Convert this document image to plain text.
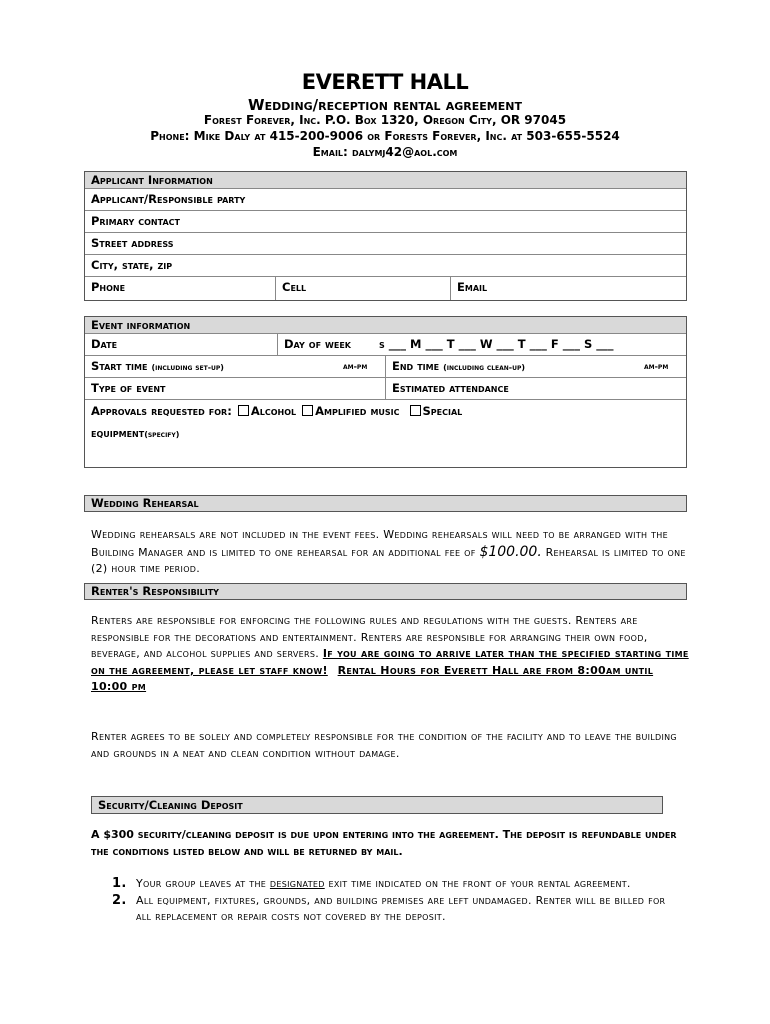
EVERETT HALL
Wedding/reception rental agreement
Forest Forever, Inc. P.O. Box 1320, Oregon City, OR 97045
Phone: Mike Daly at 415-200-9006 or Forests Forever, Inc. at 503-655-5524
Email: dalymj42@aol.com
Applicant Information
Applicant/Responsible party
Primary contact
Street address
City, state, zip
Phone	Cell	Email
Event information
Date	Day of week s ___ M ___ T ___ W ___ T ___ F ___ S ___
Start time (including set-up)	am-pm	End time (including clean-up)	am-pm
Type of event	Estimated attendance
Approvals requested for: Alcohol Amplified music Special
equipment(specify)
Wedding Rehearsal
Wedding rehearsals are not included in the event fees. Wedding rehearsals will need to be arranged with the Building Manager and is limited to one rehearsal for an additional fee of $100.00. Rehearsal is limited to one (2) hour time period.
Renter's Responsibility
Renters are responsible for enforcing the following rules and regulations with the guests. Renters are responsible for the decorations and entertainment. Renters are responsible for arranging their own food, beverage, and alcohol supplies and servers. If you are going to arrive later than the specified starting time on the agreement, please let staff know! Rental Hours for Everett Hall are from 8:00am until 10:00 pm
Renter agrees to be solely and completely responsible for the condition of the facility and to leave the building and grounds in a neat and clean condition without damage.
Security/Cleaning Deposit
A $300 security/cleaning deposit is due upon entering into the agreement. The deposit is refundable under the conditions listed below and will be returned by mail.
1. Your group leaves at the designated exit time indicated on the front of your rental agreement.
2. All equipment, fixtures, grounds, and building premises are left undamaged. Renter will be billed for all replacement or repair costs not covered by the deposit.
